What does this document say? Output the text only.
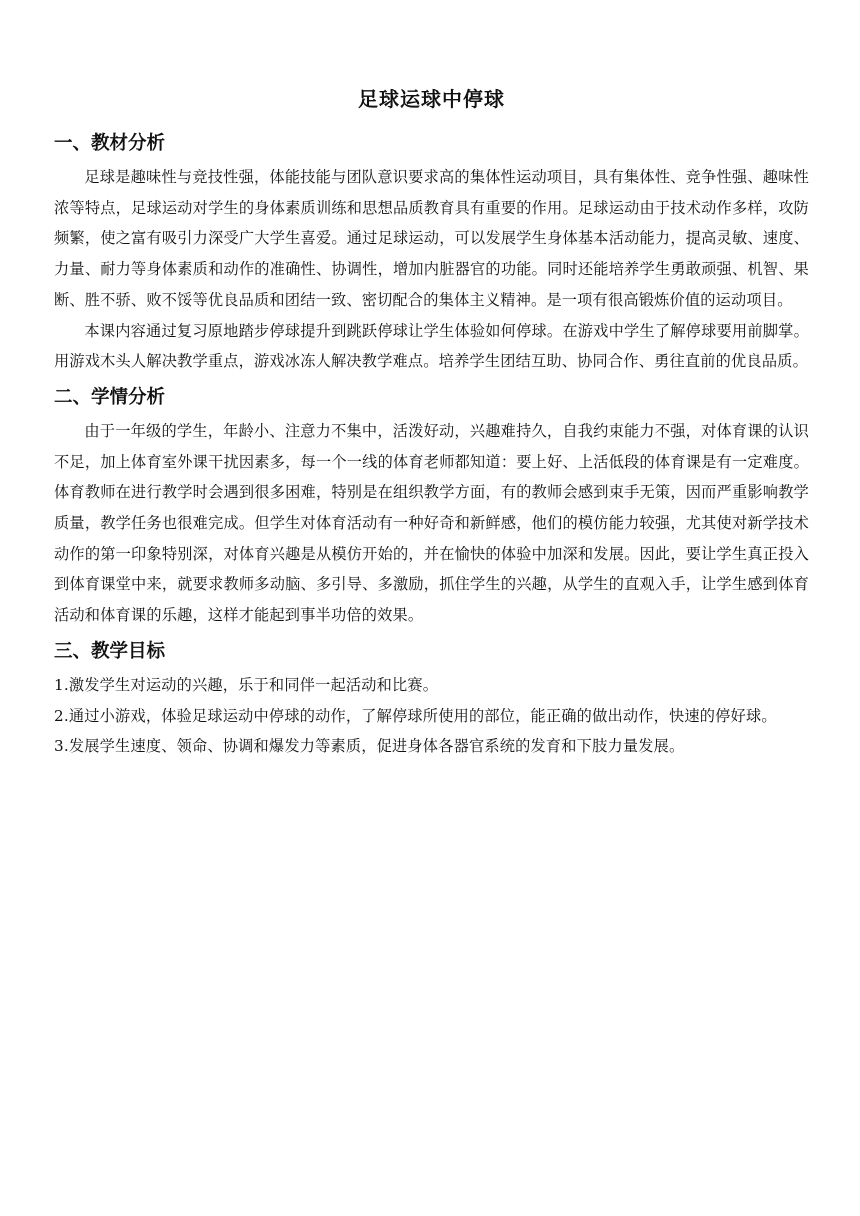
足球运球中停球
一、教材分析

足球是趣味性与竞技性强，体能技能与团队意识要求高的集体性运动项目，具有集体性、竞争性强、趣味性浓等特点，足球运动对学生的身体素质训练和思想品质教育具有重要的作用。足球运动由于技术动作多样，攻防频繁，使之富有吸引力深受广大学生喜爱。通过足球运动，可以发展学生身体基本活动能力，提高灵敏、速度、力量、耐力等身体素质和动作的准确性、协调性，增加内脏器官的功能。同时还能培养学生勇敢顽强、机智、果断、胜不骄、败不馁等优良品质和团结一致、密切配合的集体主义精神。是一项有很高锻炼价值的运动项目。

本课内容通过复习原地踏步停球提升到跳跃停球让学生体验如何停球。在游戏中学生了解停球要用前脚掌。用游戏木头人解决教学重点，游戏冰冻人解决教学难点。培养学生团结互助、协同合作、勇往直前的优良品质。

二、学情分析

由于一年级的学生，年龄小、注意力不集中，活泼好动，兴趣难持久，自我约束能力不强，对体育课的认识不足，加上体育室外课干扰因素多，每一个一线的体育老师都知道：要上好、上活低段的体育课是有一定难度。体育教师在进行教学时会遇到很多困难，特别是在组织教学方面，有的教师会感到束手无策，因而严重影响教学质量，教学任务也很难完成。但学生对体育活动有一种好奇和新鲜感，他们的模仿能力较强，尤其使对新学技术动作的第一印象特别深，对体育兴趣是从模仿开始的，并在愉快的体验中加深和发展。因此，要让学生真正投入到体育课堂中来，就要求教师多动脑、多引导、多激励，抓住学生的兴趣，从学生的直观入手，让学生感到体育活动和体育课的乐趣，这样才能起到事半功倍的效果。

三、教学目标

1.激发学生对运动的兴趣，乐于和同伴一起活动和比赛。

2.通过小游戏，体验足球运动中停球的动作，了解停球所使用的部位，能正确的做出动作，快速的停好球。

3.发展学生速度、领命、协调和爆发力等素质，促进身体各器官系统的发育和下肢力量发展。
